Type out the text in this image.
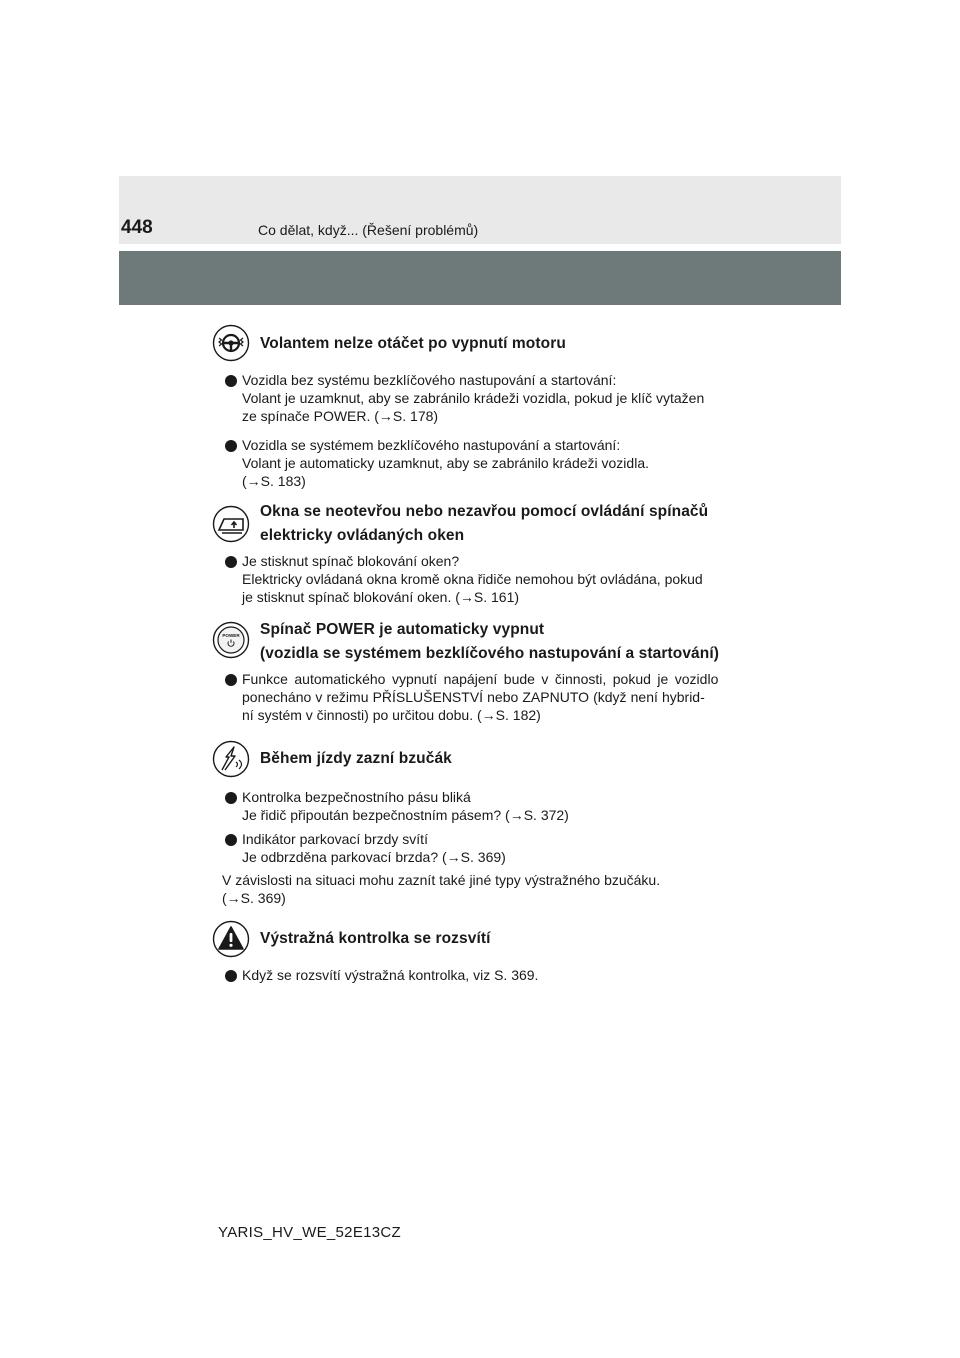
448	Co dělat, když... (Řešení problémů)
Volantem nelze otáčet po vypnutí motoru
Vozidla bez systému bezklíčového nastupování a startování:
Volant je uzamknut, aby se zabránilo krádeži vozidla, pokud je klíč vytažen
ze spínače POWER. (→S. 178)
Vozidla se systémem bezklíčového nastupování a startování:
Volant je automaticky uzamknut, aby se zabránilo krádeži vozidla.
(→S. 183)
Okna se neotevřou nebo nezavřou pomocí ovládání spínačů
elektricky ovládaných oken
Je stisknut spínač blokování oken?
Elektricky ovládaná okna kromě okna řidiče nemohou být ovládána, pokud
je stisknut spínač blokování oken. (→S. 161)
POWER Spínač POWER je automaticky vypnut
(vozidla se systémem bezklíčového nastupování a startování)
Funkce automatického vypnutí napájení bude v činnosti, pokud je vozidlo
ponecháno v režimu PŘÍSLUŠENSTVÍ nebo ZAPNUTO (když není hybrid-
ní systém v činnosti) po určitou dobu. (→S. 182)
Během jízdy zazní bzučák
Kontrolka bezpečnostního pásu bliká
Je řidič připoután bezpečnostním pásem? (→S. 372)
Indikátor parkovací brzdy svítí
Je odbrzděna parkovací brzda? (→S. 369)
V závislosti na situaci mohu zaznít také jiné typy výstražného bzučáku.
(→S. 369)
Výstražná kontrolka se rozsvítí
Když se rozsvítí výstražná kontrolka, viz S. 369.
YARIS_HV_WE_52E13CZ
